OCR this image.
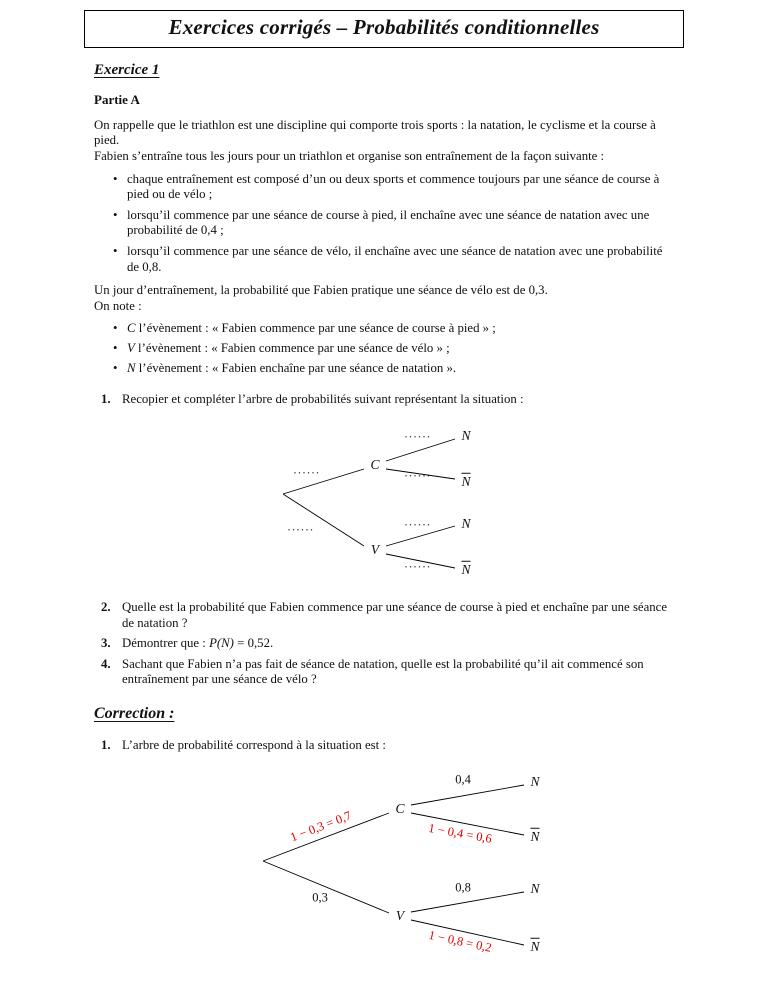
Exercices corrigés – Probabilités conditionnelles
Exercice 1
Partie A

On rappelle que le triathlon est une discipline qui comporte trois sports : la natation, le cyclisme et la course à pied.

Fabien s’entraîne tous les jours pour un triathlon et organise son entraînement de la façon suivante :

• chaque entraînement est composé d’un ou deux sports et commence toujours par une séance de course à pied ou de vélo ;
• lorsqu’il commence par une séance de course à pied, il enchaîne avec une séance de natation avec une probabilité de 0,4 ;
• lorsqu’il commence par une séance de vélo, il enchaîne avec une séance de natation avec une probabilité de 0,8.

Un jour d’entraînement, la probabilité que Fabien pratique une séance de vélo est de 0,3.

On note :

• C l’évènement : « Fabien commence par une séance de course à pied » ;
• V l’évènement : « Fabien commence par une séance de vélo » ;
• N l’évènement : « Fabien enchaîne par une séance de natation ».
1. Recopier et compléter l’arbre de probabilités suivant représentant la situation :
C
V
N
$\overline{N}$
N
$\overline{N}$
......
......
......
......
......
......
2. Quelle est la probabilité que Fabien commence par une séance de course à pied et enchaîne par une séance de natation ?
3. Démontrer que : P(N) = 0,52.
4. Sachant que Fabien n’a pas fait de séance de natation, quelle est la probabilité qu’il ait commencé son entraînement par une séance de vélo ?
Correction :
1. L’arbre de probabilité correspond à la situation est :
C
V
N
$\overline{N}$
N
$\overline{N}$
1 − 0,3 = 0,7
0,3
0,4
1 − 0,4 = 0,6
0,8
1 − 0,8 = 0,2
